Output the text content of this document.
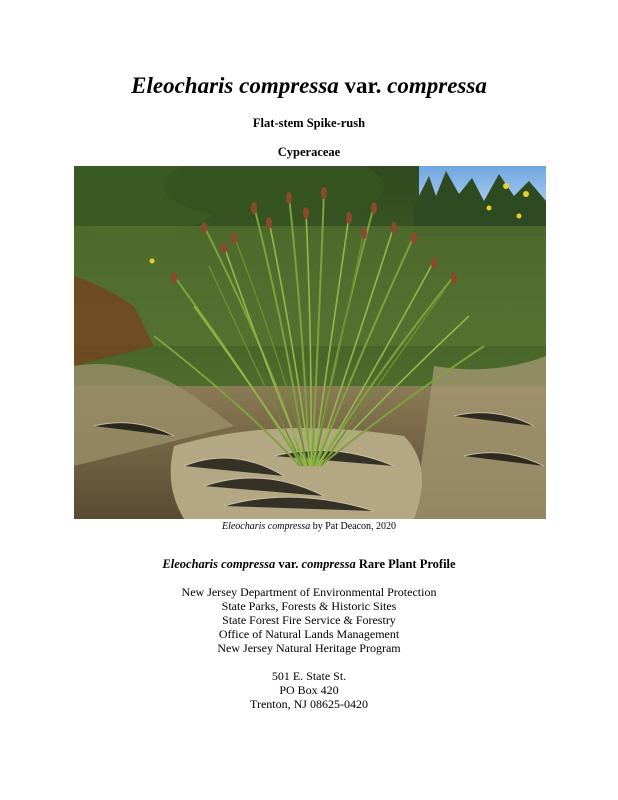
Eleocharis compressa var. compressa
Flat-stem Spike-rush
Cyperaceae
Eleocharis compressa by Pat Deacon, 2020
Eleocharis compressa var. compressa Rare Plant Profile
New Jersey Department of Environmental Protection
State Parks, Forests & Historic Sites
State Forest Fire Service & Forestry
Office of Natural Lands Management
New Jersey Natural Heritage Program
501 E. State St.
PO Box 420
Trenton, NJ 08625-0420
